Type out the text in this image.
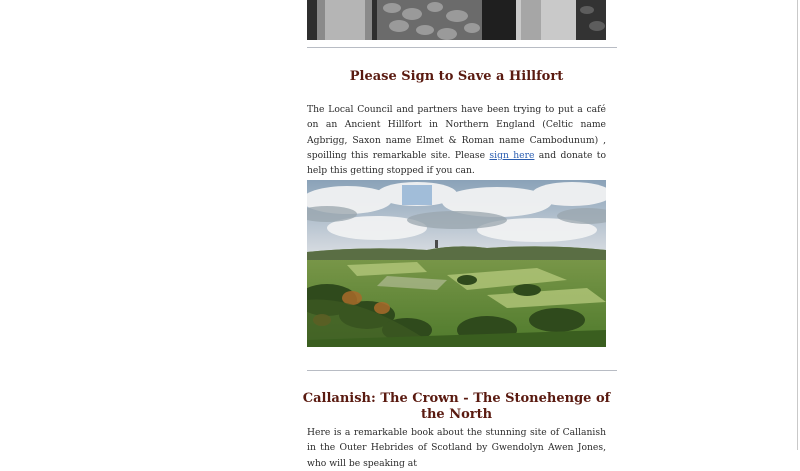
Please Sign to Save a Hillfort

The Local Council and partners have been trying to put a café on an Ancient Hillfort in Northern England (Celtic name Agbrigg, Saxon name Elmet & Roman name Cambodunum) , spoilling this remarkable site. Please sign here and donate to help this getting stopped if you can.

Callanish: The Crown - The Stonehenge of the North

Here is a remarkable book about the stunning site of Callanish in the Outer Hebrides of Scotland by Gwendolyn Awen Jones, who will be speaking at
